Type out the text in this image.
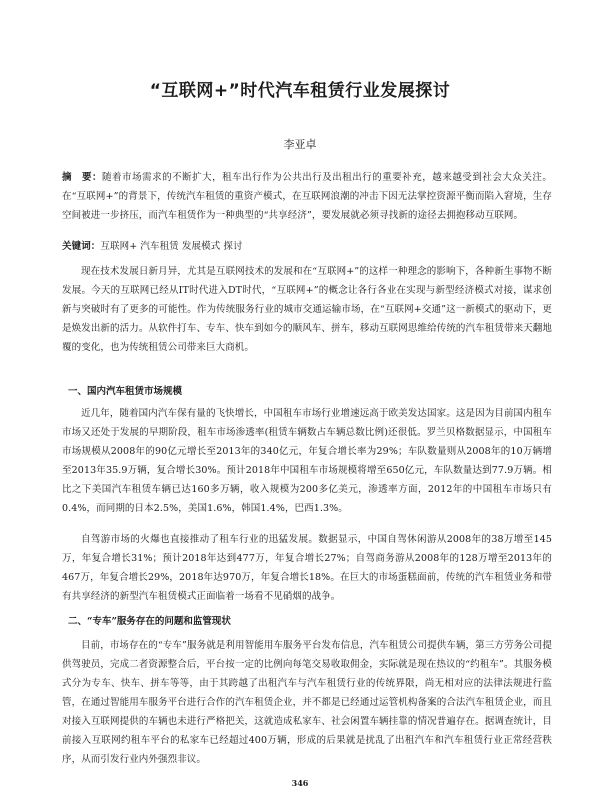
“互联网+”时代汽车租赁行业发展探讨
李亚卓
摘　要：随着市场需求的不断扩大，租车出行作为公共出行及出租出行的重要补充，越来越受到社会大众关注。在“互联网+”的背景下，传统汽车租赁的重资产模式，在互联网浪潮的冲击下因无法掌控资源平衡而陷入窘境，生存空间被进一步挤压，而汽车租赁作为一种典型的“共享经济”，要发展就必须寻找新的途径去拥抱移动互联网。
关键词：互联网+ 汽车租赁 发展模式 探讨
现在技术发展日新月异，尤其是互联网技术的发展和在“互联网+”的这样一种理念的影响下，各种新生事物不断发展。今天的互联网已经从IT时代进入DT时代，“互联网+”的概念让各行各业在实现与新型经济模式对接，谋求创新与突破时有了更多的可能性。作为传统服务行业的城市交通运输市场，在“互联网+交通”这一新模式的驱动下，更是焕发出新的活力。从软件打车、专车、快车到如今的顺风车、拼车，移动互联网思维给传统的汽车租赁带来天翻地覆的变化，也为传统租赁公司带来巨大商机。
一、国内汽车租赁市场规模
近几年，随着国内汽车保有量的飞快增长，中国租车市场行业增速远高于欧美发达国家。这是因为目前国内租车市场又还处于发展的早期阶段，租车市场渗透率(租赁车辆数占车辆总数比例)还很低。罗兰贝格数据显示，中国租车市场规模从2008年的90亿元增长至2013年的340亿元，年复合增长率为29%；车队数量则从2008年的10万辆增至2013年35.9万辆，复合增长30%。预计2018年中国租车市场规模将增至650亿元，车队数量达到77.9万辆。相比之下美国汽车租赁车辆已达160多万辆，收入规模为200多亿美元，渗透率方面，2012年的中国租车市场只有0.4%，而同期的日本2.5%，美国1.6%，韩国1.4%，巴西1.3%。
自驾游市场的火爆也直接推动了租车行业的迅猛发展。数据显示，中国自驾休闲游从2008年的38万增至145万，年复合增长31%；预计2018年达到477万，年复合增长27%；自驾商务游从2008年的128万增至2013年的467万，年复合增长29%，2018年达970万，年复合增长18%。在巨大的市场蛋糕面前，传统的汽车租赁业务和带有共享经济的新型汽车租赁模式正面临着一场看不见硝烟的战争。
二、“专车”服务存在的问题和监管现状
目前，市场存在的“专车”服务就是利用智能用车服务平台发布信息，汽车租赁公司提供车辆，第三方劳务公司提供驾驶员，完成二者资源整合后，平台按一定的比例向每笔交易收取佣金，实际就是现在热议的“约租车”。其服务模式分为专车、快车、拼车等等，由于其跨越了出租汽车与汽车租赁行业的传统界限，尚无相对应的法律法规进行监管，在通过智能用车服务平台进行合作的汽车租赁企业，并不都是已经通过运管机构备案的合法汽车租赁企业，而且对接入互联网提供的车辆也未进行严格把关，这就造成私家车、社会闲置车辆挂靠的情况普遍存在。据调查统计，目前接入互联网约租车平台的私家车已经超过400万辆，形成的后果就是扰乱了出租汽车和汽车租赁行业正常经营秩序，从而引发行业内外强烈非议。
346
